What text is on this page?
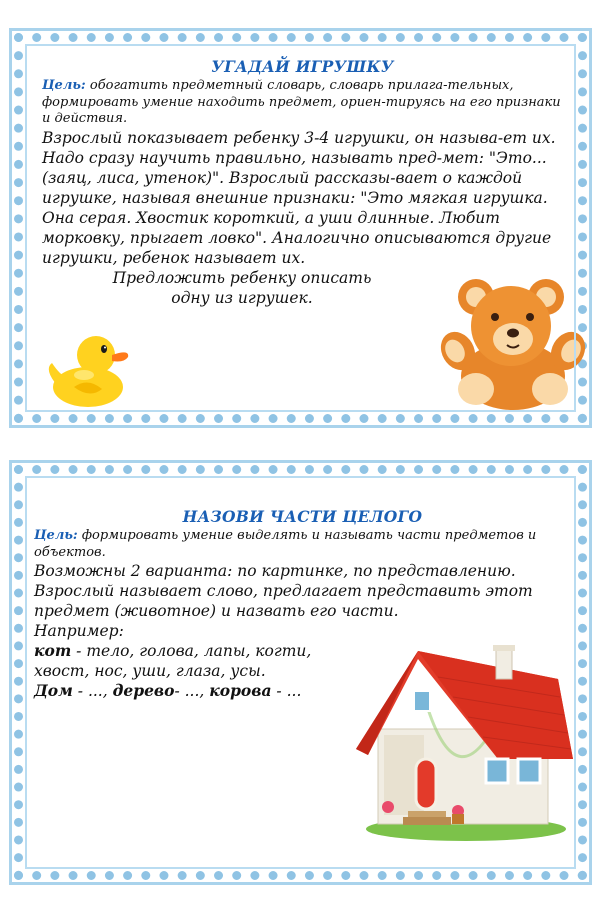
УГАДАЙ ИГРУШКУ

Цель: обогатить предметный словарь, словарь прилага-тельных, формировать умение находить предмет, ориен-тируясь на его признаки и действия.

Взрослый показывает ребенку 3-4 игрушки, он называ-ет их. Надо сразу научить правильно, называть пред-мет: "Это... (заяц, лиса, утенок)". Взрослый рассказы-вает о каждой игрушке, называя внешние признаки: "Это мягкая игрушка. Она серая. Хвостик короткий, а уши длинные. Любит морковку, прыгает ловко". Аналогично описываются другие игрушки, ребенок называет их.

Предложить ребенку описать

одну из игрушек.

НАЗОВИ ЧАСТИ ЦЕЛОГО

Цель: формировать умение выделять и называть части предметов и объектов.

Возможны 2 варианта: по картинке, по представлению. Взрослый называет слово, предлагает представить этот предмет (животное) и назвать его части.

Например:

кот - тело, голова, лапы, когти, хвост, нос, уши, глаза, усы.

Дом - ..., дерево- ..., корова - ...
